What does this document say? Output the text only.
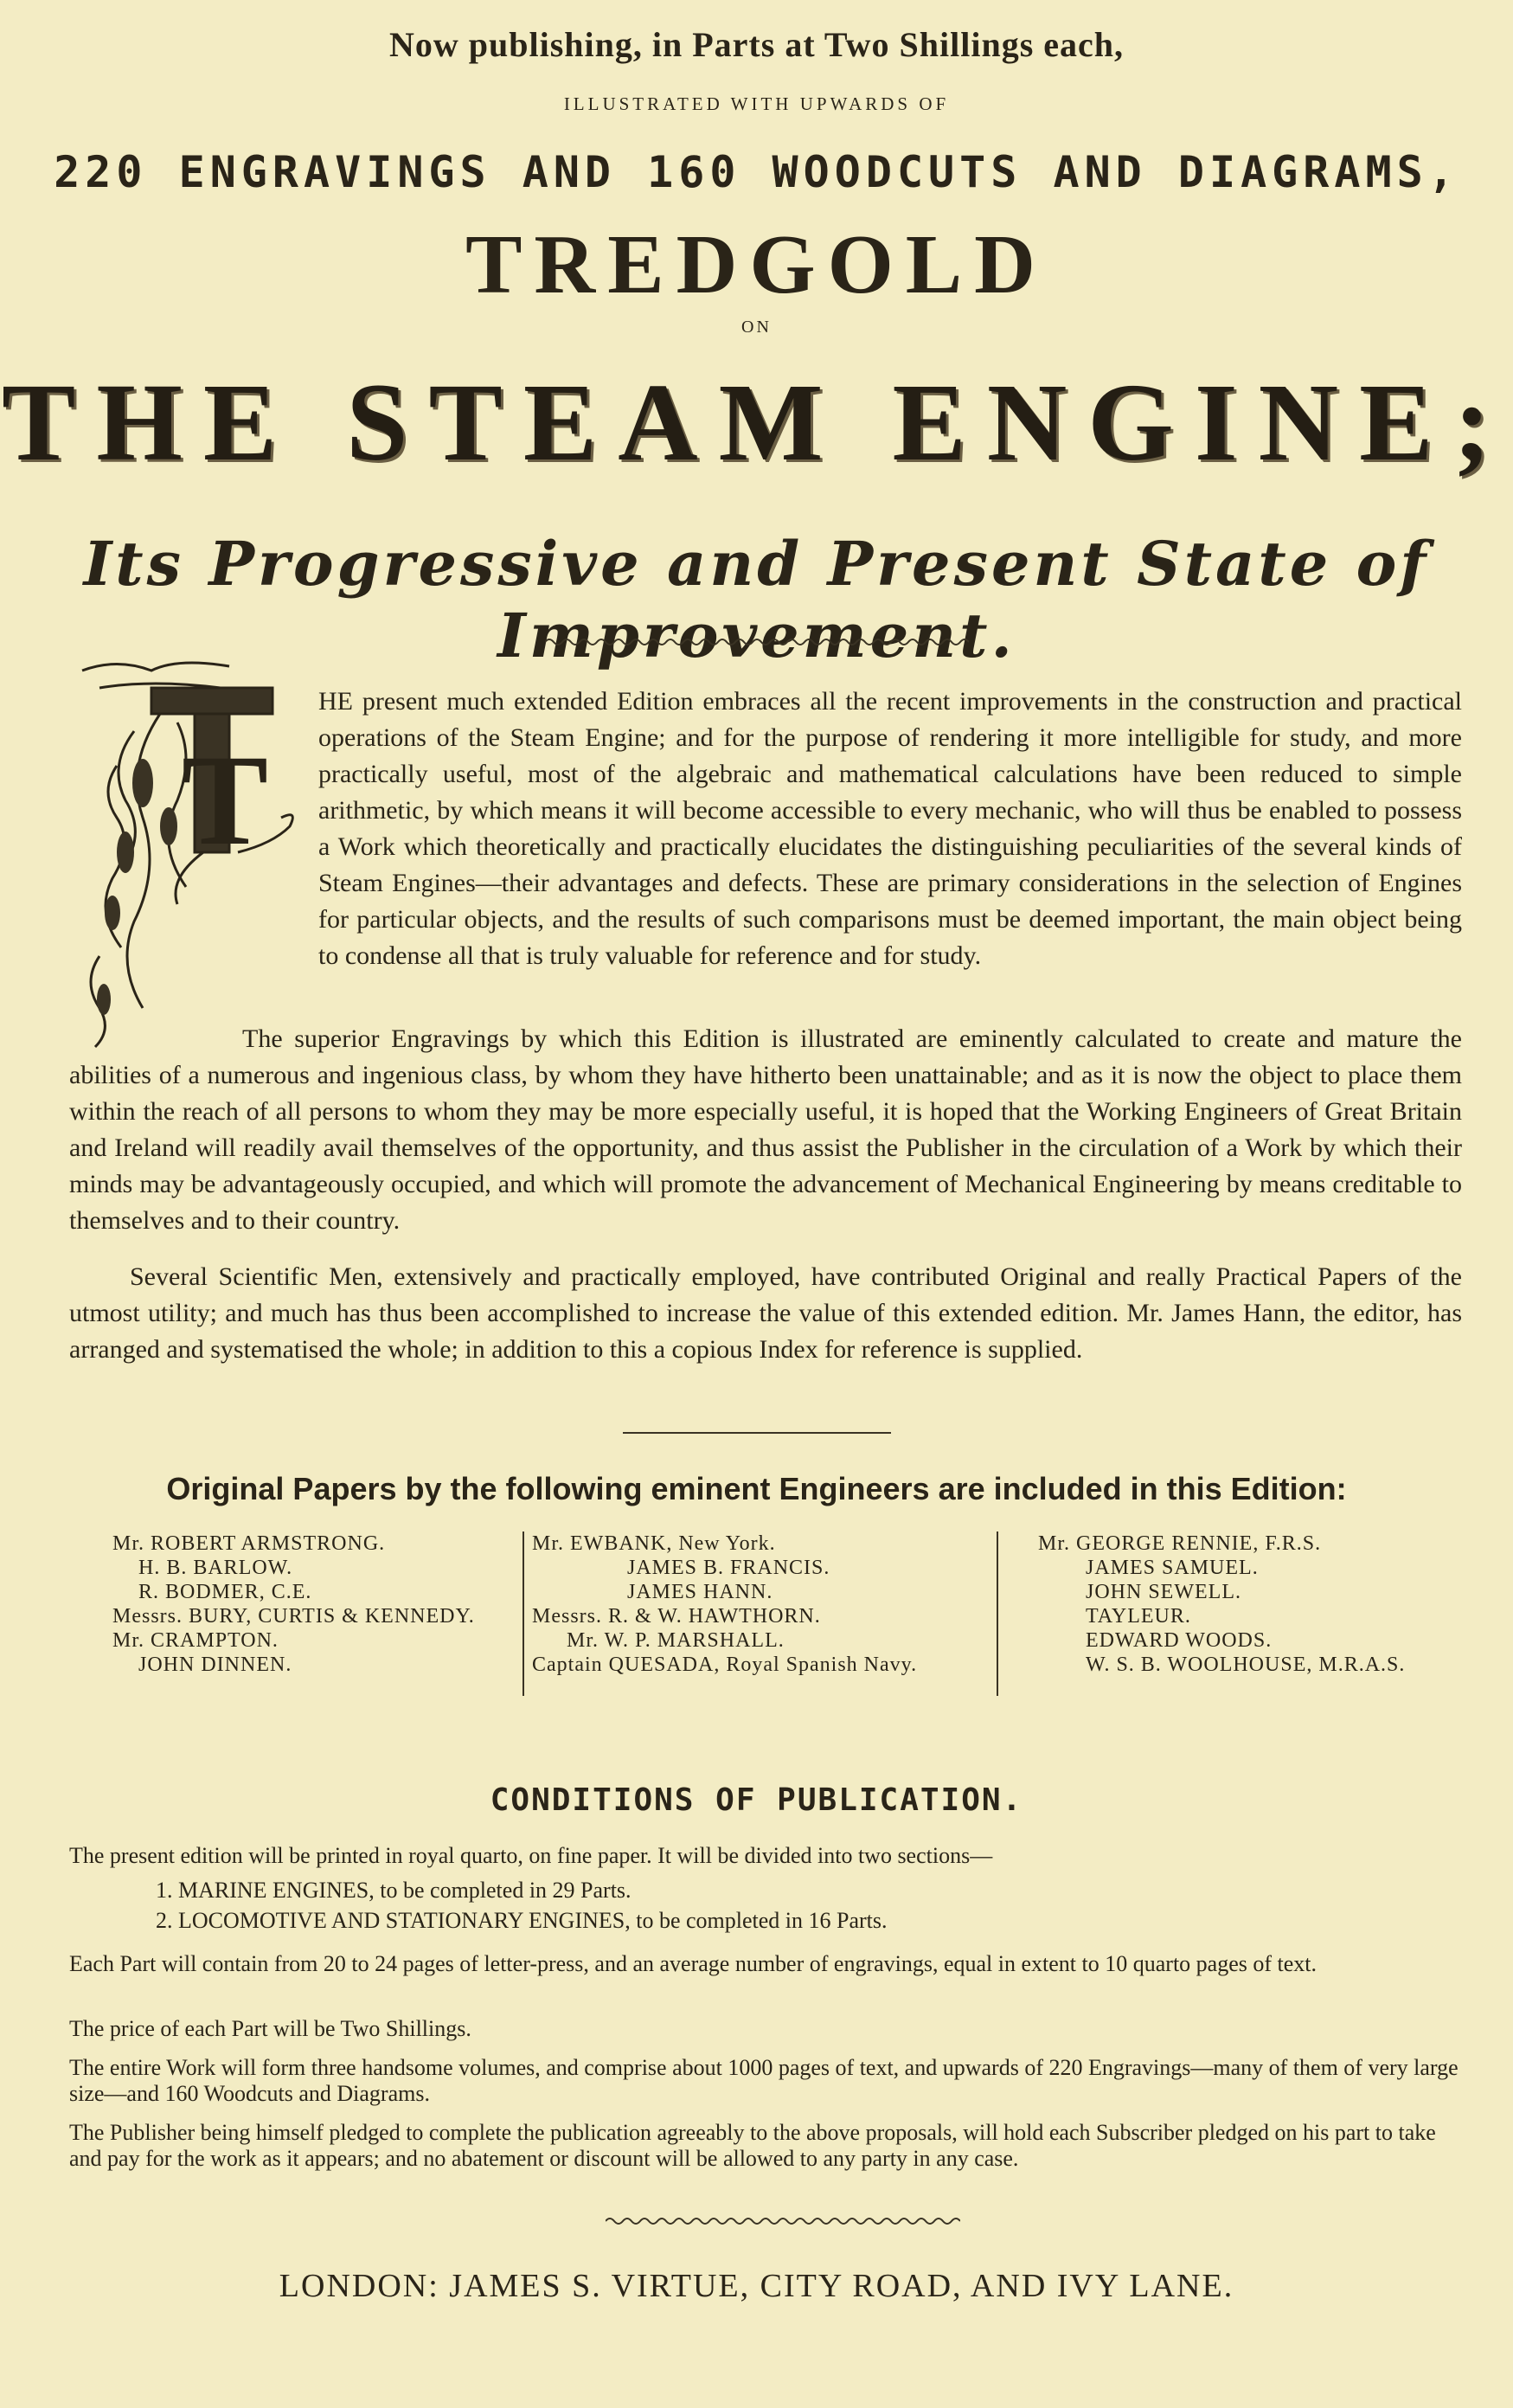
Now publishing, in Parts at Two Shillings each,
ILLUSTRATED WITH UPWARDS OF
220 ENGRAVINGS AND 160 WOODCUTS AND DIAGRAMS,
TREDGOLD
ON
THE STEAM ENGINE;
Its Progressive and Present State of Improvement.
T
HE present much extended Edition embraces all the recent improvements in the construction and practical operations of the Steam Engine; and for the purpose of rendering it more intelligible for study, and more practically useful, most of the algebraic and mathematical calculations have been reduced to simple arithmetic, by which means it will become accessible to every mechanic, who will thus be enabled to possess a Work which theoretically and practically elucidates the distinguishing peculiarities of the several kinds of Steam Engines—their advantages and defects. These are primary considerations in the selection of Engines for particular objects, and the results of such comparisons must be deemed important, the main object being to condense all that is truly valuable for reference and for study.
The superior Engravings by which this Edition is illustrated are eminently calculated to create and mature the abilities of a numerous and ingenious class, by whom they have hitherto been unattainable; and as it is now the object to place them within the reach of all persons to whom they may be more especially useful, it is hoped that the Working Engineers of Great Britain and Ireland will readily avail themselves of the opportunity, and thus assist the Publisher in the circulation of a Work by which their minds may be advantageously occupied, and which will promote the advancement of Mechanical Engineering by means creditable to themselves and to their country.
Several Scientific Men, extensively and practically employed, have contributed Original and really Practical Papers of the utmost utility; and much has thus been accomplished to increase the value of this extended edition. Mr. James Hann, the editor, has arranged and systematised the whole; in addition to this a copious Index for reference is supplied.
Original Papers by the following eminent Engineers are included in this Edition:
Mr. ROBERT ARMSTRONG.
H. B. BARLOW.
R. BODMER, C.E.
Messrs. BURY, CURTIS & KENNEDY.
Mr. CRAMPTON.
JOHN DINNEN.
Mr. EWBANK, New York.
JAMES B. FRANCIS.
JAMES HANN.
Messrs. R. & W. HAWTHORN.
Mr. W. P. MARSHALL.
Captain QUESADA, Royal Spanish Navy.
Mr. GEORGE RENNIE, F.R.S.
JAMES SAMUEL.
JOHN SEWELL.
TAYLEUR.
EDWARD WOODS.
W. S. B. WOOLHOUSE, M.R.A.S.
CONDITIONS OF PUBLICATION.
The present edition will be printed in royal quarto, on fine paper. It will be divided into two sections—
1. MARINE ENGINES, to be completed in 29 Parts.
2. LOCOMOTIVE AND STATIONARY ENGINES, to be completed in 16 Parts.
Each Part will contain from 20 to 24 pages of letter-press, and an average number of engravings, equal in extent to 10 quarto pages of text.
The price of each Part will be Two Shillings.
The entire Work will form three handsome volumes, and comprise about 1000 pages of text, and upwards of 220 Engravings—many of them of very large size—and 160 Woodcuts and Diagrams.
The Publisher being himself pledged to complete the publication agreeably to the above proposals, will hold each Subscriber pledged on his part to take and pay for the work as it appears; and no abatement or discount will be allowed to any party in any case.
LONDON: JAMES S. VIRTUE, CITY ROAD, AND IVY LANE.
